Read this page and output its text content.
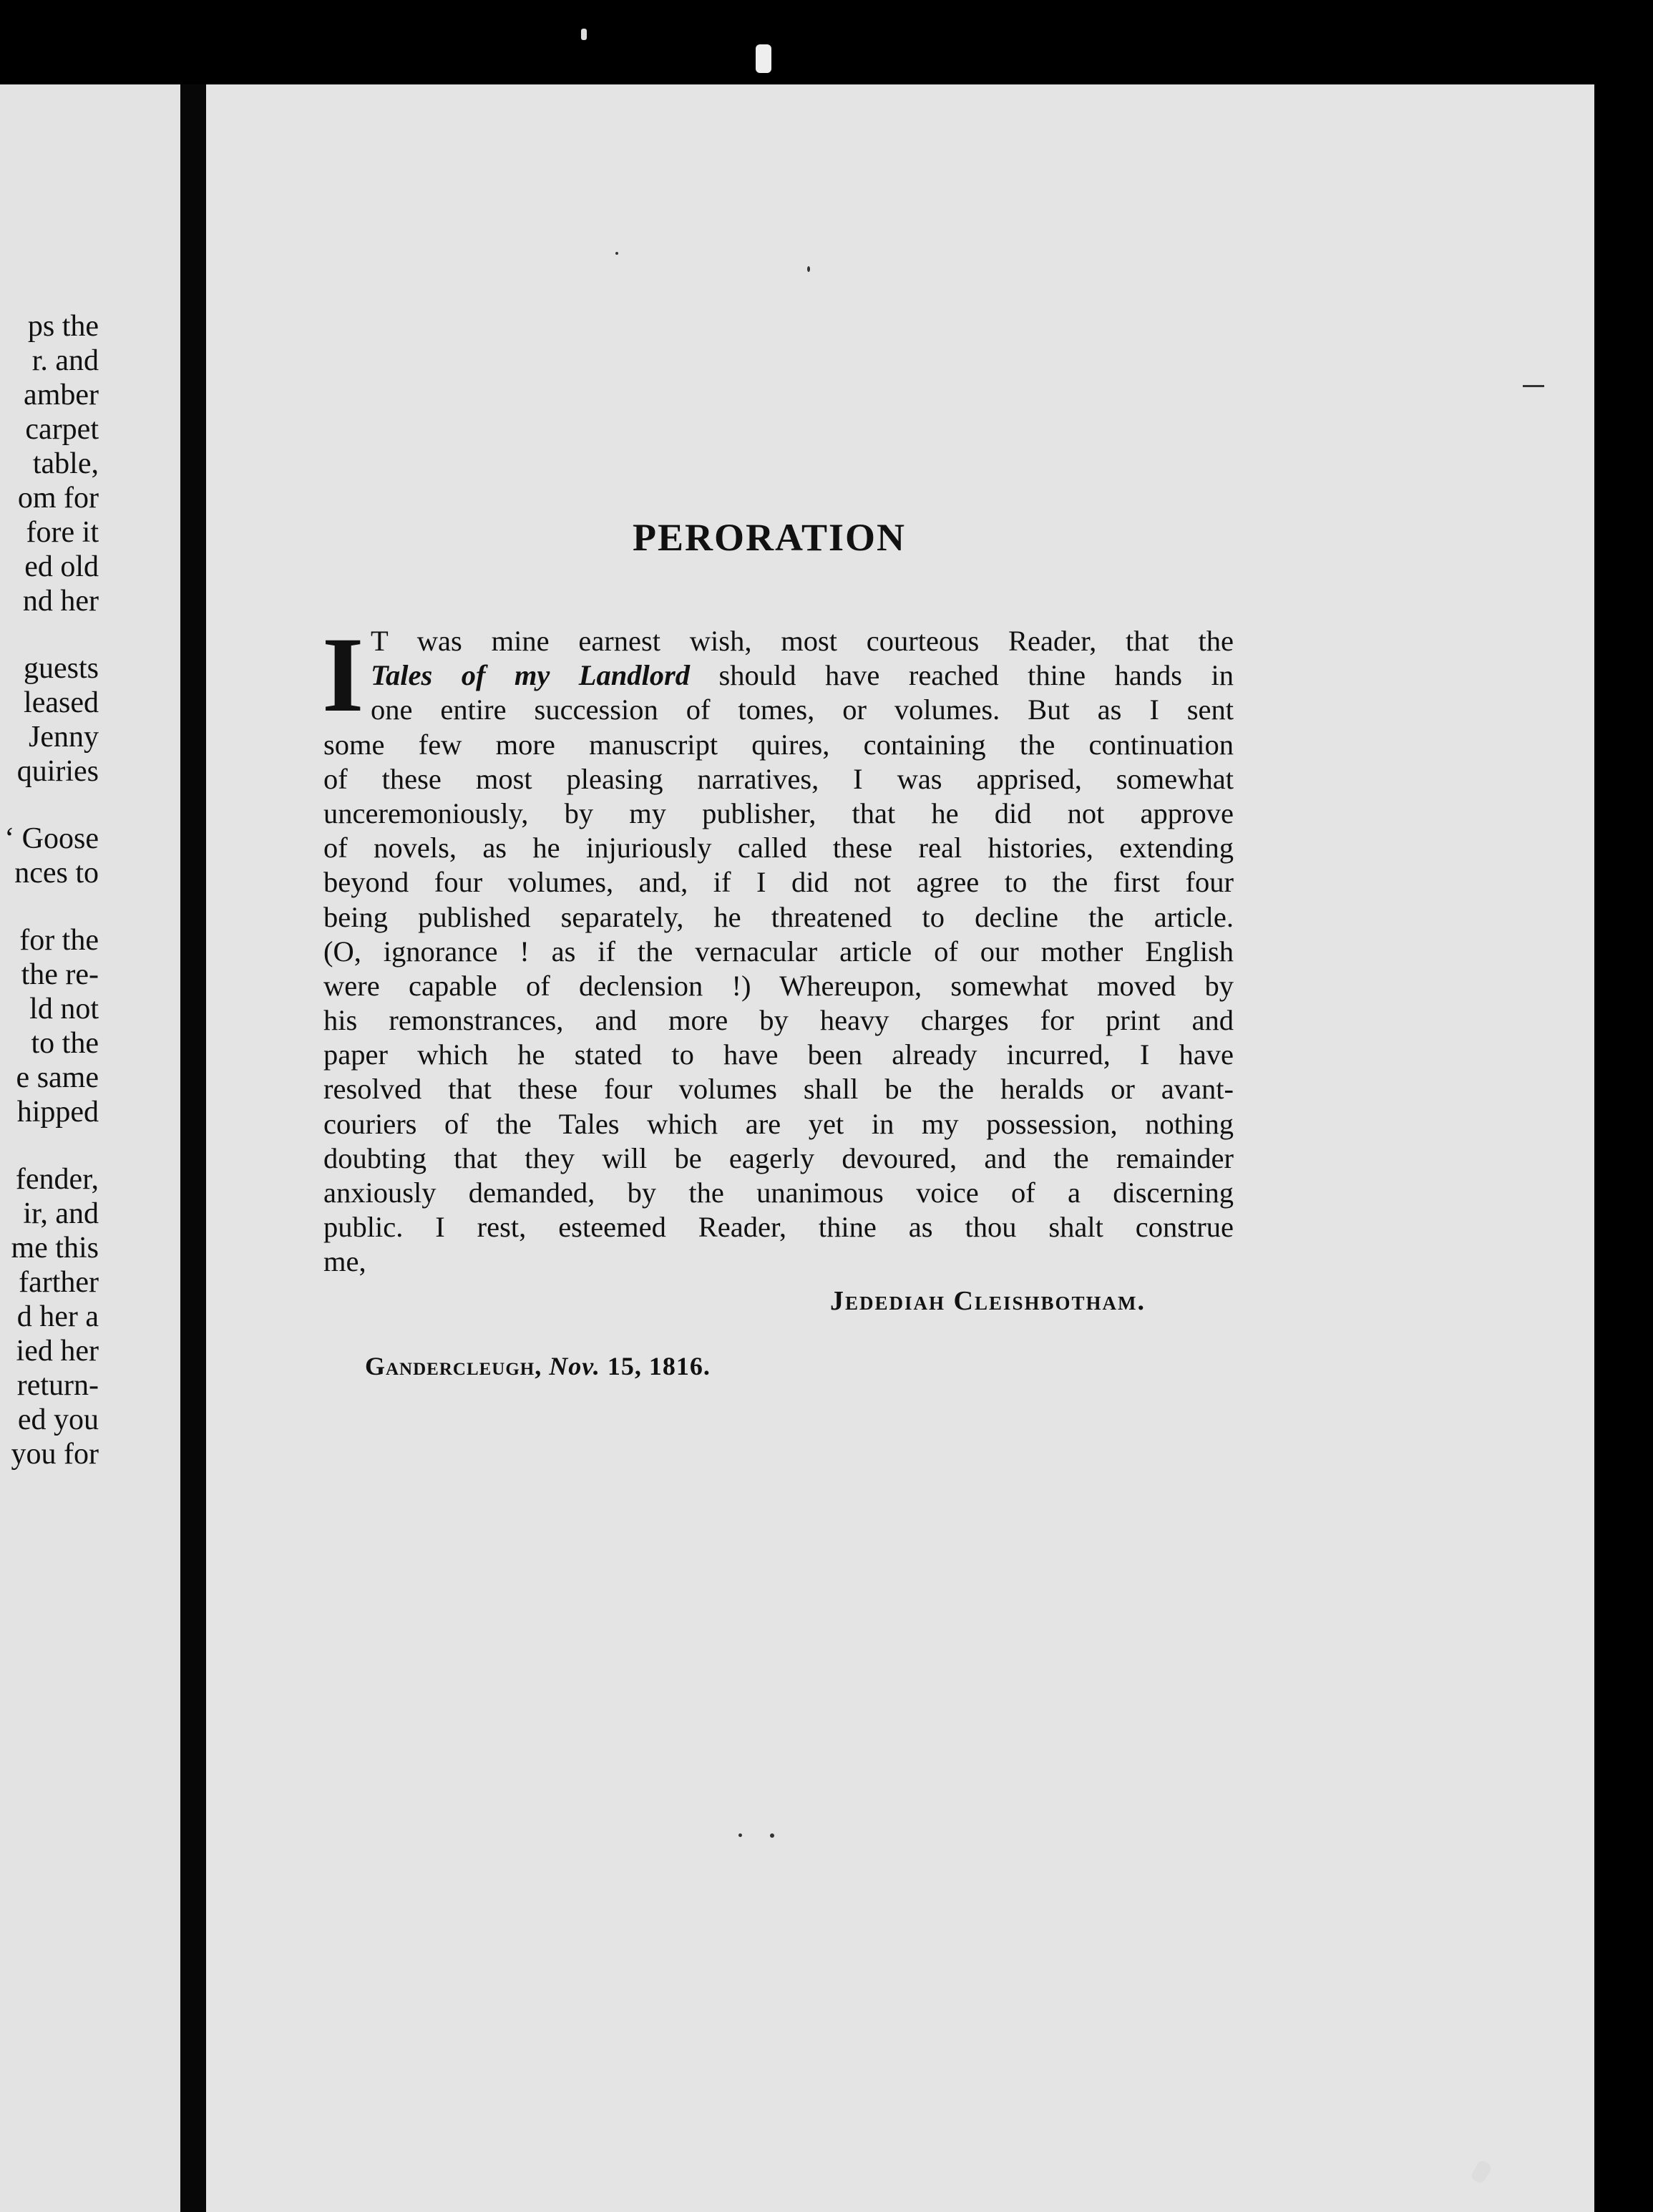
ps the
r. and
amber
carpet
table,
om for
fore it
ed old
nd her
guests
leased
Jenny
quiries
‘ Goose
nces to
for the
the re-
ld not
to the
e same
hipped
fender,
ir, and
me this
farther
d her a
ied her
return-
ed you
you for
PERORATION
I T was mine earnest wish, most courteous Reader, that the
Tales of my Landlord should have reached thine hands in
one entire succession of tomes, or volumes. But as I sent
some few more manuscript quires, containing the continuation
of these most pleasing narratives, I was apprised, somewhat
unceremoniously, by my publisher, that he did not approve
of novels, as he injuriously called these real histories, extending
beyond four volumes, and, if I did not agree to the first four
being published separately, he threatened to decline the article.
(O, ignorance ! as if the vernacular article of our mother English
were capable of declension !) Whereupon, somewhat moved by
his remonstrances, and more by heavy charges for print and
paper which he stated to have been already incurred, I have
resolved that these four volumes shall be the heralds or avant-
couriers of the Tales which are yet in my possession, nothing
doubting that they will be eagerly devoured, and the remainder
anxiously demanded, by the unanimous voice of a discerning
public. I rest, esteemed Reader, thine as thou shalt construe
me,
Jedediah Cleishbotham.
Gandercleugh, Nov. 15, 1816.
